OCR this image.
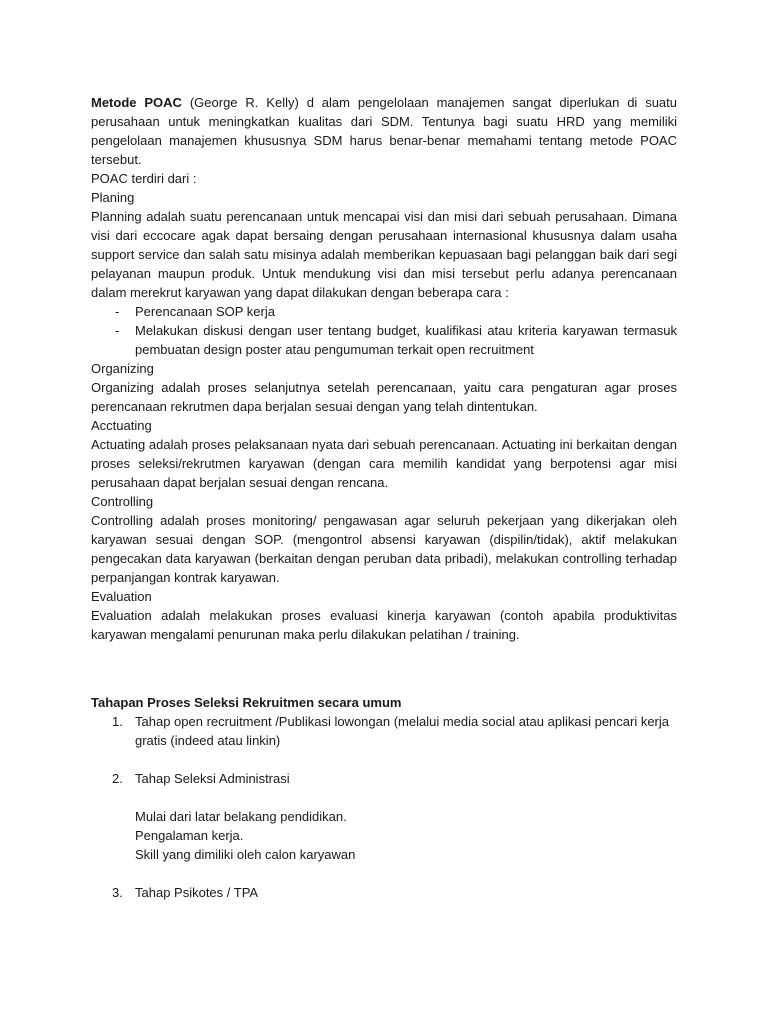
Metode POAC (George R. Kelly) d alam pengelolaan manajemen sangat diperlukan di suatu perusahaan untuk meningkatkan kualitas dari SDM. Tentunya bagi suatu HRD yang memiliki pengelolaan manajemen khususnya SDM harus benar-benar memahami tentang metode POAC tersebut.

POAC terdiri dari :

Planing

Planning adalah suatu perencanaan untuk mencapai visi dan misi dari sebuah perusahaan. Dimana visi dari eccocare agak dapat bersaing dengan perusahaan internasional khususnya dalam usaha support service dan salah satu misinya adalah memberikan kepuasaan bagi pelanggan baik dari segi pelayanan maupun produk. Untuk mendukung visi dan misi tersebut perlu adanya perencanaan dalam merekrut karyawan yang dapat dilakukan dengan beberapa cara :

- Perencanaan SOP kerja
- Melakukan diskusi dengan user tentang budget, kualifikasi atau kriteria karyawan termasuk pembuatan design poster atau pengumuman terkait open recruitment

Organizing

Organizing adalah proses selanjutnya setelah perencanaan, yaitu cara pengaturan agar proses perencanaan rekrutmen dapa berjalan sesuai dengan yang telah dintentukan.

Acctuating

Actuating adalah proses pelaksanaan nyata dari sebuah perencanaan. Actuating ini berkaitan dengan proses seleksi/rekrutmen karyawan (dengan cara memilih kandidat yang berpotensi agar misi perusahaan dapat berjalan sesuai dengan rencana.

Controlling

Controlling adalah proses monitoring/ pengawasan agar seluruh pekerjaan yang dikerjakan oleh karyawan sesuai dengan SOP. (mengontrol absensi karyawan (dispilin/tidak), aktif melakukan pengecakan data karyawan (berkaitan dengan peruban data pribadi), melakukan controlling terhadap perpanjangan kontrak karyawan.

Evaluation

Evaluation adalah melakukan proses evaluasi kinerja karyawan (contoh apabila produktivitas karyawan mengalami penurunan maka perlu dilakukan pelatihan / training.

Tahapan Proses Seleksi Rekruitmen secara umum

1. Tahap open recruitment /Publikasi lowongan (melalui media social atau aplikasi pencari kerja gratis (indeed atau linkin)
2. Tahap Seleksi Administrasi

Mulai dari latar belakang pendidikan.

Pengalaman kerja.

Skill yang dimiliki oleh calon karyawan

3. Tahap Psikotes / TPA
